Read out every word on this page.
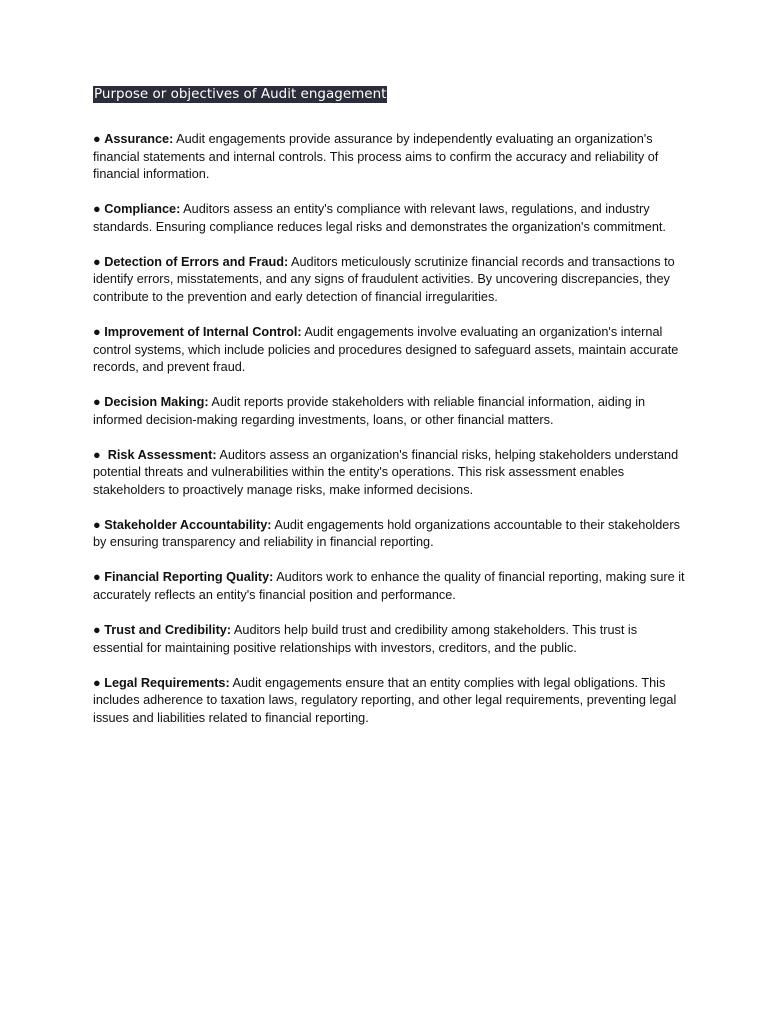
Purpose or objectives of Audit engagement
● Assurance: Audit engagements provide assurance by independently evaluating an organization's financial statements and internal controls. This process aims to confirm the accuracy and reliability of financial information.
● Compliance: Auditors assess an entity's compliance with relevant laws, regulations, and industry standards. Ensuring compliance reduces legal risks and demonstrates the organization's commitment.
● Detection of Errors and Fraud: Auditors meticulously scrutinize financial records and transactions to identify errors, misstatements, and any signs of fraudulent activities. By uncovering discrepancies, they contribute to the prevention and early detection of financial irregularities.
● Improvement of Internal Control: Audit engagements involve evaluating an organization's internal control systems, which include policies and procedures designed to safeguard assets, maintain accurate records, and prevent fraud.
● Decision Making: Audit reports provide stakeholders with reliable financial information, aiding in informed decision-making regarding investments, loans, or other financial matters.
● Risk Assessment: Auditors assess an organization's financial risks, helping stakeholders understand potential threats and vulnerabilities within the entity's operations. This risk assessment enables stakeholders to proactively manage risks, make informed decisions.
● Stakeholder Accountability: Audit engagements hold organizations accountable to their stakeholders by ensuring transparency and reliability in financial reporting.
● Financial Reporting Quality: Auditors work to enhance the quality of financial reporting, making sure it accurately reflects an entity's financial position and performance.
● Trust and Credibility: Auditors help build trust and credibility among stakeholders. This trust is essential for maintaining positive relationships with investors, creditors, and the public.
● Legal Requirements: Audit engagements ensure that an entity complies with legal obligations. This includes adherence to taxation laws, regulatory reporting, and other legal requirements, preventing legal issues and liabilities related to financial reporting.
